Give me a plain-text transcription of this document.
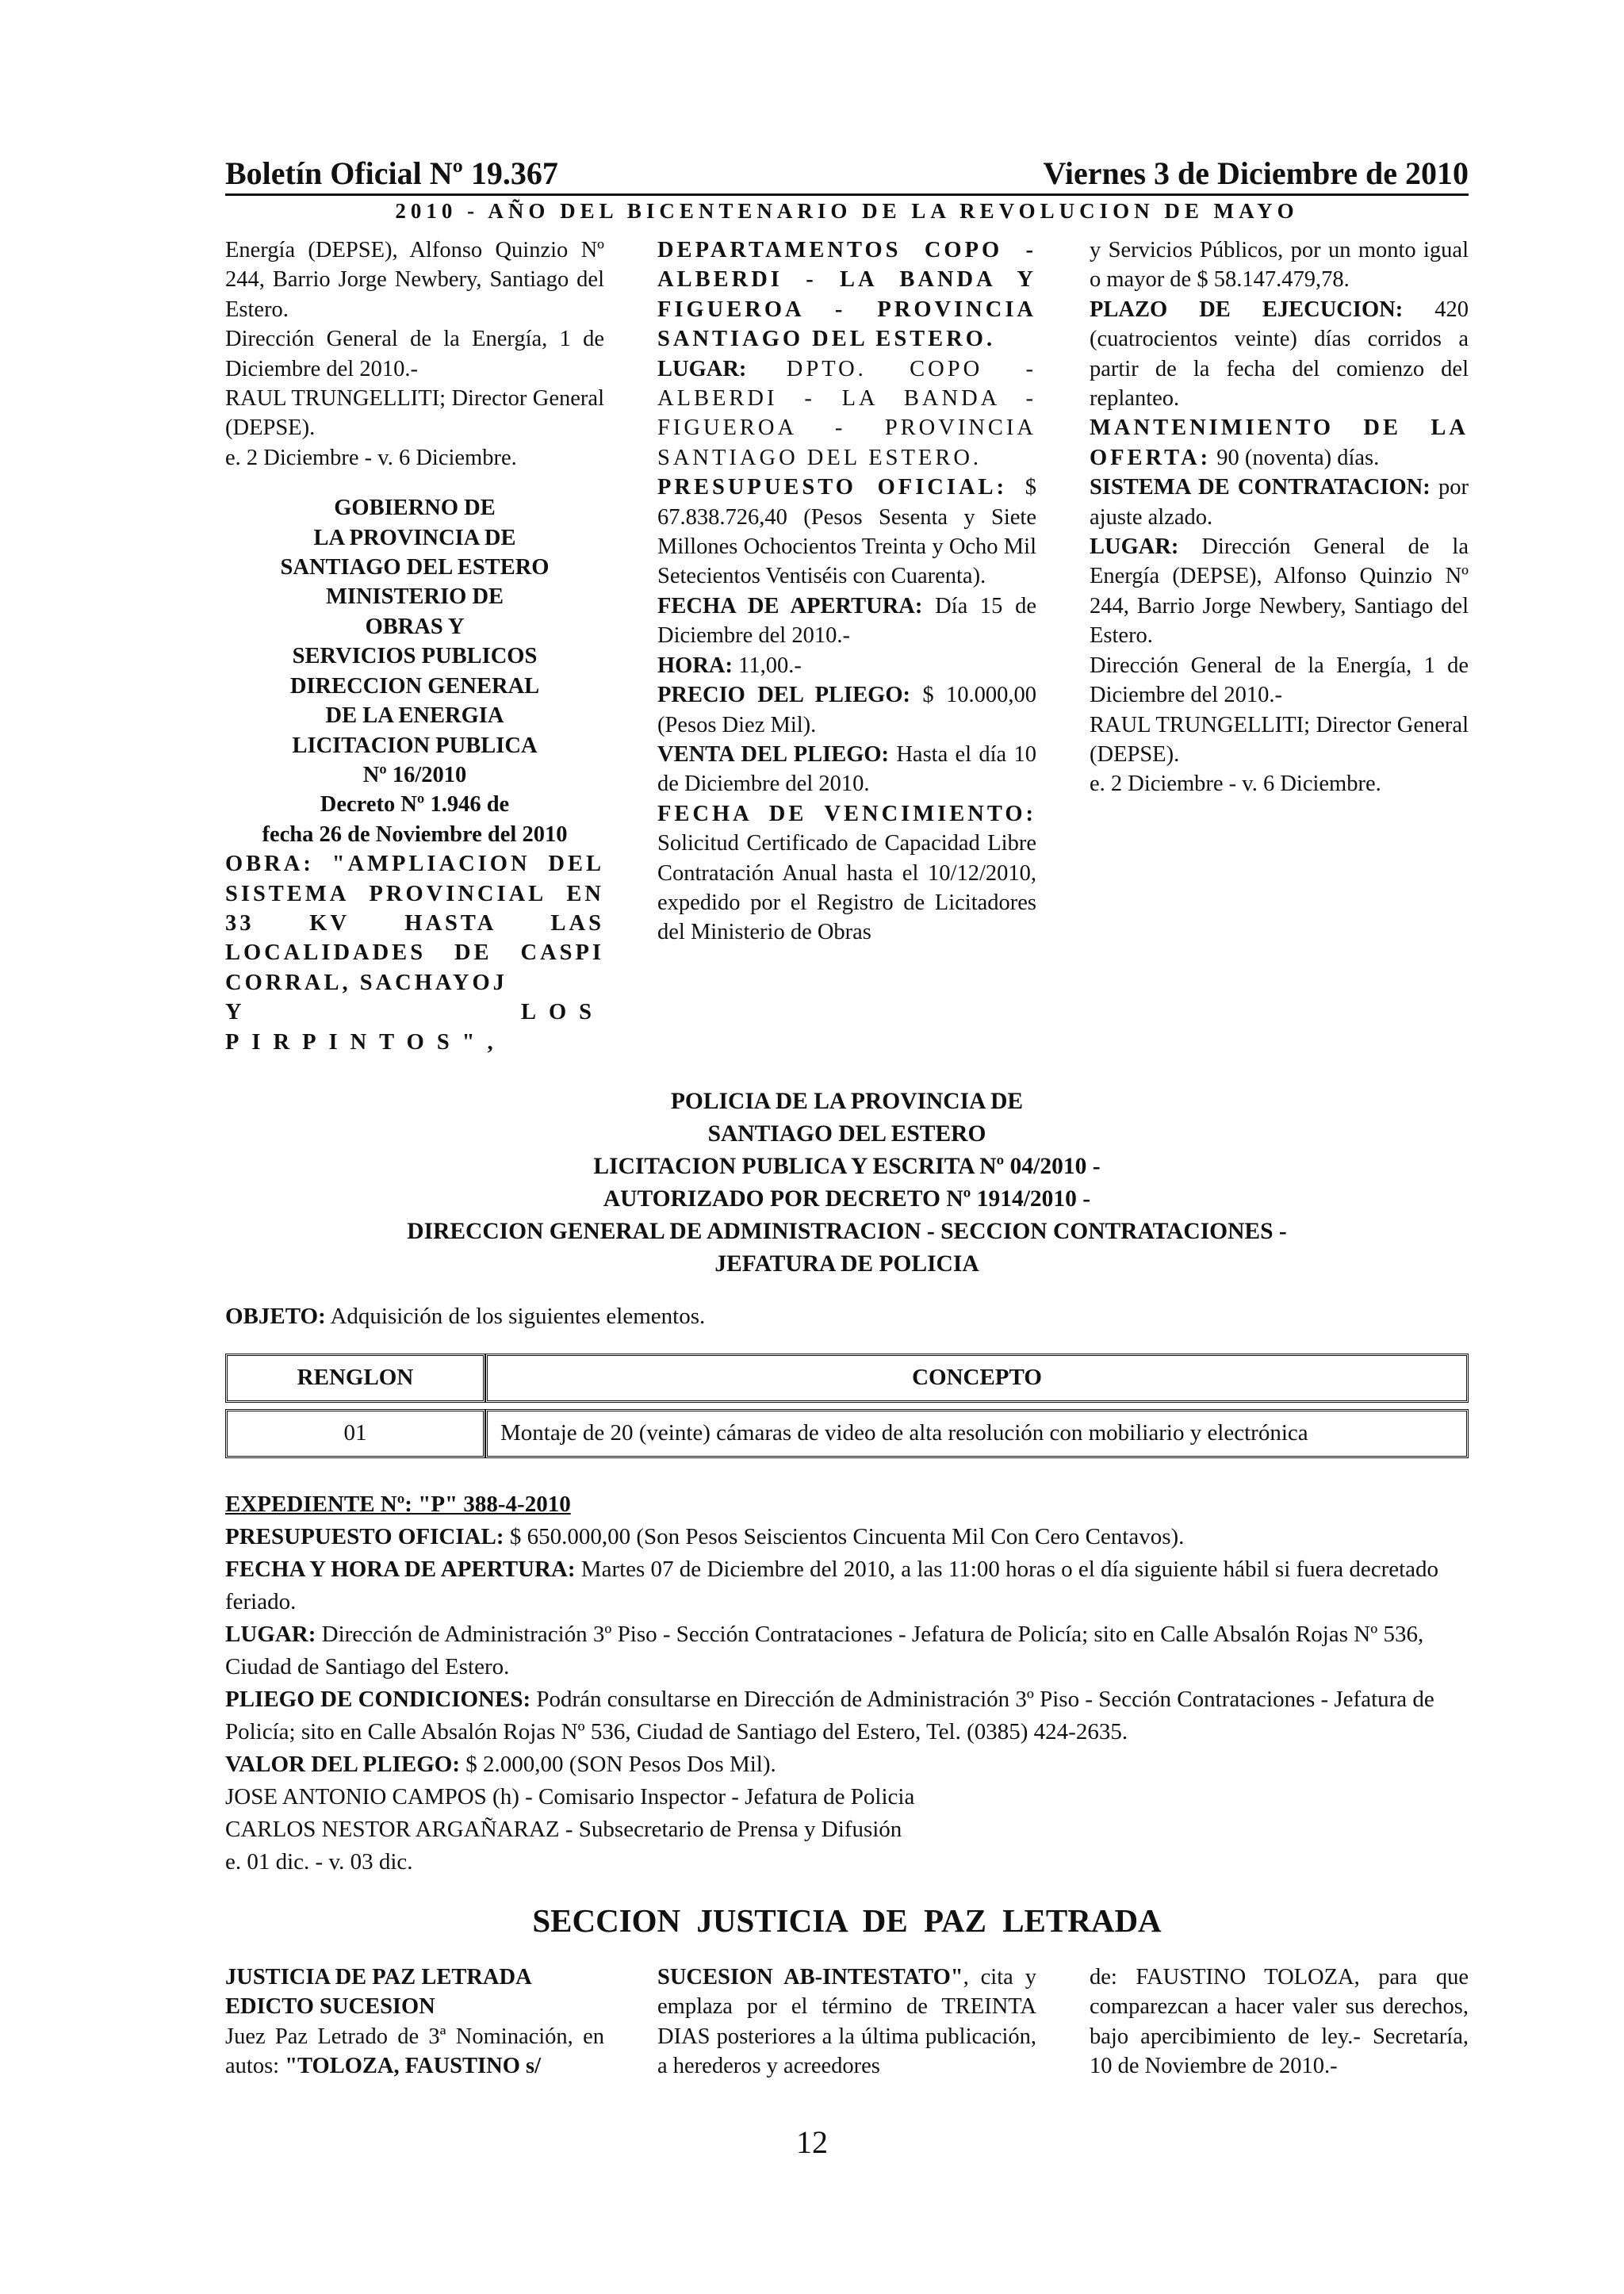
Boletín Oficial Nº 19.367	Viernes 3 de Diciembre de 2010
2010 - AÑO DEL BICENTENARIO DE LA REVOLUCION DE MAYO

Energía (DEPSE), Alfonso Quinzio Nº 244, Barrio Jorge Newbery, Santiago del Estero.

Dirección General de la Energía, 1 de Diciembre del 2010.-

RAUL TRUNGELLITI; Director General (DEPSE).

e. 2 Diciembre - v. 6 Diciembre.

GOBIERNO DE
LA PROVINCIA DE
SANTIAGO DEL ESTERO
MINISTERIO DE
OBRAS Y
SERVICIOS PUBLICOS
DIRECCION GENERAL
DE LA ENERGIA
LICITACION PUBLICA
Nº 16/2010
Decreto Nº 1.946 de
fecha 26 de Noviembre del 2010

OBRA: "AMPLIACION DEL SISTEMA PROVINCIAL EN 33 KV HASTA LAS LOCALIDADES DE CASPI CORRAL, SACHAYOJ

Y LOS PIRPINTOS",

DEPARTAMENTOS COPO - ALBERDI - LA BANDA Y FIGUEROA - PROVINCIA SANTIAGO DEL ESTERO.

LUGAR: DPTO. COPO - ALBERDI - LA BANDA - FIGUEROA - PROVINCIA SANTIAGO DEL ESTERO.

PRESUPUESTO OFICIAL: $ 67.838.726,40 (Pesos Sesenta y Siete Millones Ochocientos Treinta y Ocho Mil Setecientos Ventiséis con Cuarenta).

FECHA DE APERTURA: Día 15 de Diciembre del 2010.-

HORA: 11,00.-

PRECIO DEL PLIEGO: $ 10.000,00 (Pesos Diez Mil).

VENTA DEL PLIEGO: Hasta el día 10 de Diciembre del 2010.

FECHA DE VENCIMIENTO: Solicitud Certificado de Capacidad Libre Contratación Anual hasta el 10/12/2010, expedido por el Registro de Licitadores del Ministerio de Obras

y Servicios Públicos, por un monto igual o mayor de $ 58.147.479,78.

PLAZO DE EJECUCION: 420 (cuatrocientos veinte) días corridos a partir de la fecha del comienzo del replanteo.

MANTENIMIENTO DE LA OFERTA: 90 (noventa) días.

SISTEMA DE CONTRATACION: por ajuste alzado.

LUGAR: Dirección General de la Energía (DEPSE), Alfonso Quinzio Nº 244, Barrio Jorge Newbery, Santiago del Estero.

Dirección General de la Energía, 1 de Diciembre del 2010.-

RAUL TRUNGELLITI; Director General (DEPSE).

e. 2 Diciembre - v. 6 Diciembre.

POLICIA DE LA PROVINCIA DE
SANTIAGO DEL ESTERO
LICITACION PUBLICA Y ESCRITA Nº 04/2010 -
AUTORIZADO POR DECRETO Nº 1914/2010 -
DIRECCION GENERAL DE ADMINISTRACION - SECCION CONTRATACIONES -
JEFATURA DE POLICIA
OBJETO: Adquisición de los siguientes elementos.
RENGLON	CONCEPTO
01	Montaje de 20 (veinte) cámaras de video de alta resolución con mobiliario y electrónica

EXPEDIENTE Nº: "P" 388-4-2010

PRESUPUESTO OFICIAL: $ 650.000,00 (Son Pesos Seiscientos Cincuenta Mil Con Cero Centavos).

FECHA Y HORA DE APERTURA: Martes 07 de Diciembre del 2010, a las 11:00 horas o el día siguiente hábil si fuera decretado feriado.

LUGAR: Dirección de Administración 3º Piso - Sección Contrataciones - Jefatura de Policía; sito en Calle Absalón Rojas Nº 536, Ciudad de Santiago del Estero.

PLIEGO DE CONDICIONES: Podrán consultarse en Dirección de Administración 3º Piso - Sección Contrataciones - Jefatura de Policía; sito en Calle Absalón Rojas Nº 536, Ciudad de Santiago del Estero, Tel. (0385) 424-2635.

VALOR DEL PLIEGO: $ 2.000,00 (SON Pesos Dos Mil).

JOSE ANTONIO CAMPOS (h) - Comisario Inspector - Jefatura de Policia

CARLOS NESTOR ARGAÑARAZ - Subsecretario de Prensa y Difusión

e. 01 dic. - v. 03 dic.

SECCION JUSTICIA DE PAZ LETRADA

JUSTICIA DE PAZ LETRADA

EDICTO SUCESION

Juez Paz Letrado de 3ª Nominación, en autos: "TOLOZA, FAUSTINO s/

SUCESION AB-INTESTATO", cita y emplaza por el término de TREINTA DIAS posteriores a la última publicación, a herederos y acreedores

de: FAUSTINO TOLOZA, para que comparezcan a hacer valer sus derechos, bajo apercibimiento de ley.- Secretaría, 10 de Noviembre de 2010.-

12
